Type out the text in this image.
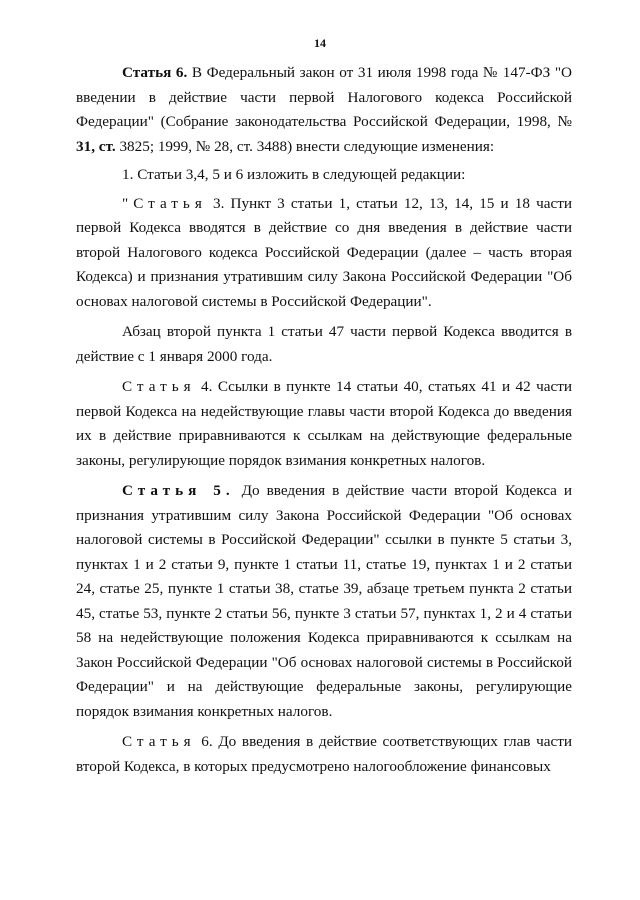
14

Статья 6. В Федеральный закон от 31 июля 1998 года № 147-ФЗ "О введении в действие части первой Налогового кодекса Российской Федерации" (Собрание законодательства Российской Федерации, 1998, № 31, ст. 3825; 1999, № 28, ст. 3488) внести следующие изменения:

1. Статьи 3,4, 5 и 6 изложить в следующей редакции:

"Статья 3. Пункт 3 статьи 1, статьи 12, 13, 14, 15 и 18 части первой Кодекса вводятся в действие со дня введения в действие части второй Налогового кодекса Российской Федерации (далее – часть вторая Кодекса) и признания утратившим силу Закона Российской Федерации "Об основах налоговой системы в Российской Федерации".

Абзац второй пункта 1 статьи 47 части первой Кодекса вводится в действие с 1 января 2000 года.

Статья 4. Ссылки в пункте 14 статьи 40, статьях 41 и 42 части первой Кодекса на недействующие главы части второй Кодекса до введения их в действие приравниваются к ссылкам на действующие федеральные законы, регулирующие порядок взимания конкретных налогов.

Статья 5. До введения в действие части второй Кодекса и признания утратившим силу Закона Российской Федерации "Об основах налоговой системы в Российской Федерации" ссылки в пункте 5 статьи 3, пунктах 1 и 2 статьи 9, пункте 1 статьи 11, статье 19, пунктах 1 и 2 статьи 24, статье 25, пункте 1 статьи 38, статье 39, абзаце третьем пункта 2 статьи 45, статье 53, пункте 2 статьи 56, пункте 3 статьи 57, пунктах 1, 2 и 4 статьи 58 на недействующие положения Кодекса приравниваются к ссылкам на Закон Российской Федерации "Об основах налоговой системы в Российской Федерации" и на действующие федеральные законы, регулирующие порядок взимания конкретных налогов.

Статья 6. До введения в действие соответствующих глав части второй Кодекса, в которых предусмотрено налогообложение финансовых
